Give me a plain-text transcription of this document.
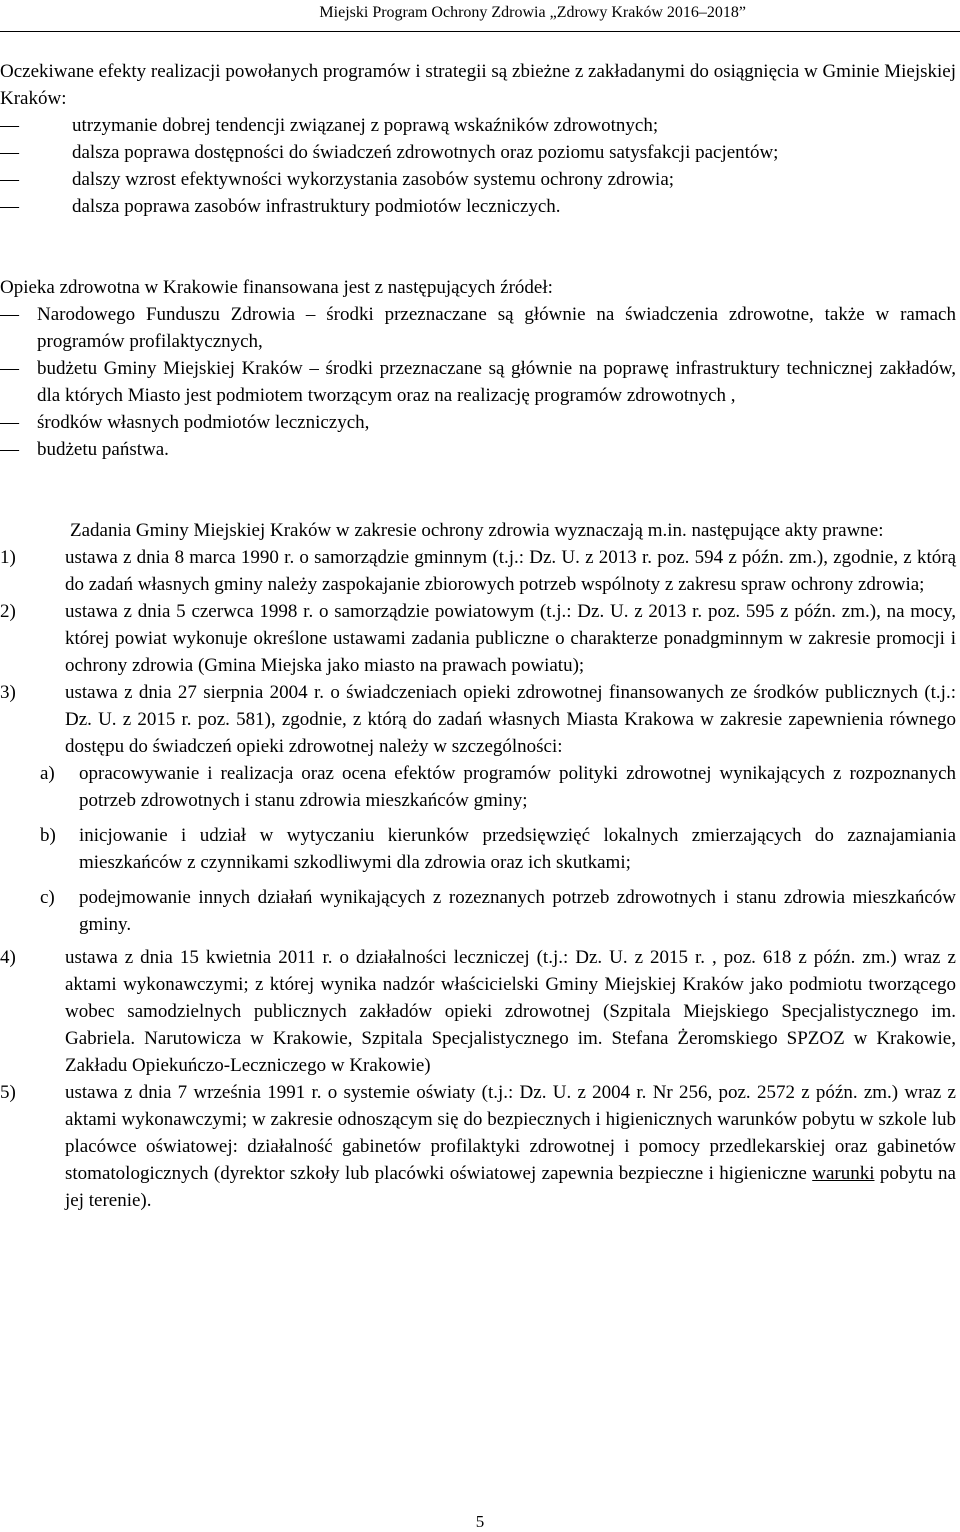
Miejski Program Ochrony Zdrowia „Zdrowy Kraków 2016–2018”

Oczekiwane efekty realizacji powołanych programów i strategii są zbieżne z zakładanymi do osiągnięcia w Gminie Miejskiej Kraków:

— utrzymanie dobrej tendencji związanej z poprawą wskaźników zdrowotnych;
— dalsza poprawa dostępności do świadczeń zdrowotnych oraz poziomu satysfakcji pacjentów;
— dalszy wzrost efektywności wykorzystania zasobów systemu ochrony zdrowia;
— dalsza poprawa zasobów infrastruktury podmiotów leczniczych.

Opieka zdrowotna w Krakowie finansowana jest z następujących źródeł:

— Narodowego Funduszu Zdrowia – środki przeznaczane są głównie na świadczenia zdrowotne, także w ramach programów profilaktycznych,
— budżetu Gminy Miejskiej Kraków – środki przeznaczane są głównie na poprawę infrastruktury technicznej zakładów, dla których Miasto jest podmiotem tworzącym oraz na realizację programów zdrowotnych ,
— środków własnych podmiotów leczniczych,
— budżetu państwa.

Zadania Gminy Miejskiej Kraków w zakresie ochrony zdrowia wyznaczają m.in. następujące akty prawne:

1)	ustawa z dnia 8 marca 1990 r. o samorządzie gminnym (t.j.: Dz. U. z 2013 r. poz. 594 z późn. zm.), zgodnie, z którą do zadań własnych gminy należy zaspokajanie zbiorowych potrzeb wspólnoty z zakresu spraw ochrony zdrowia;
2)	ustawa z dnia 5 czerwca 1998 r. o samorządzie powiatowym (t.j.: Dz. U. z 2013 r. poz. 595 z późn. zm.), na mocy, której powiat wykonuje określone ustawami zadania publiczne o charakterze ponadgminnym w zakresie promocji i ochrony zdrowia (Gmina Miejska jako miasto na prawach powiatu);
3)	ustawa z dnia 27 sierpnia 2004 r. o świadczeniach opieki zdrowotnej finansowanych ze środków publicznych (t.j.: Dz. U. z 2015 r. poz. 581), zgodnie, z którą do zadań własnych Miasta Krakowa w zakresie zapewnienia równego dostępu do świadczeń opieki zdrowotnej należy w szczególności:
a) opracowywanie i realizacja oraz ocena efektów programów polityki zdrowotnej wynikających z rozpoznanych potrzeb zdrowotnych i stanu zdrowia mieszkańców gminy;
b) inicjowanie i udział w wytyczaniu kierunków przedsięwzięć lokalnych zmierzających do zaznajamiania mieszkańców z czynnikami szkodliwymi dla zdrowia oraz ich skutkami;
c) podejmowanie innych działań wynikających z rozeznanych potrzeb zdrowotnych i stanu zdrowia mieszkańców gminy.
4)	ustawa z dnia 15 kwietnia 2011 r. o działalności leczniczej (t.j.: Dz. U. z 2015 r. , poz. 618 z późn. zm.) wraz z aktami wykonawczymi; z której wynika nadzór właścicielski Gminy Miejskiej Kraków jako podmiotu tworzącego wobec samodzielnych publicznych zakładów opieki zdrowotnej (Szpitala Miejskiego Specjalistycznego im. Gabriela. Narutowicza w Krakowie, Szpitala Specjalistycznego im. Stefana Żeromskiego SPZOZ w Krakowie, Zakładu Opiekuńczo-Leczniczego w Krakowie)
5)	ustawa z dnia 7 września 1991 r. o systemie oświaty (t.j.: Dz. U. z 2004 r. Nr 256, poz. 2572 z późn. zm.) wraz z aktami wykonawczymi; w zakresie odnoszącym się do bezpiecznych i higienicznych warunków pobytu w szkole lub placówce oświatowej: działalność gabinetów profilaktyki zdrowotnej i pomocy przedlekarskiej oraz gabinetów stomatologicznych (dyrektor szkoły lub placówki oświatowej zapewnia bezpieczne i higieniczne warunki pobytu na jej terenie).
5
